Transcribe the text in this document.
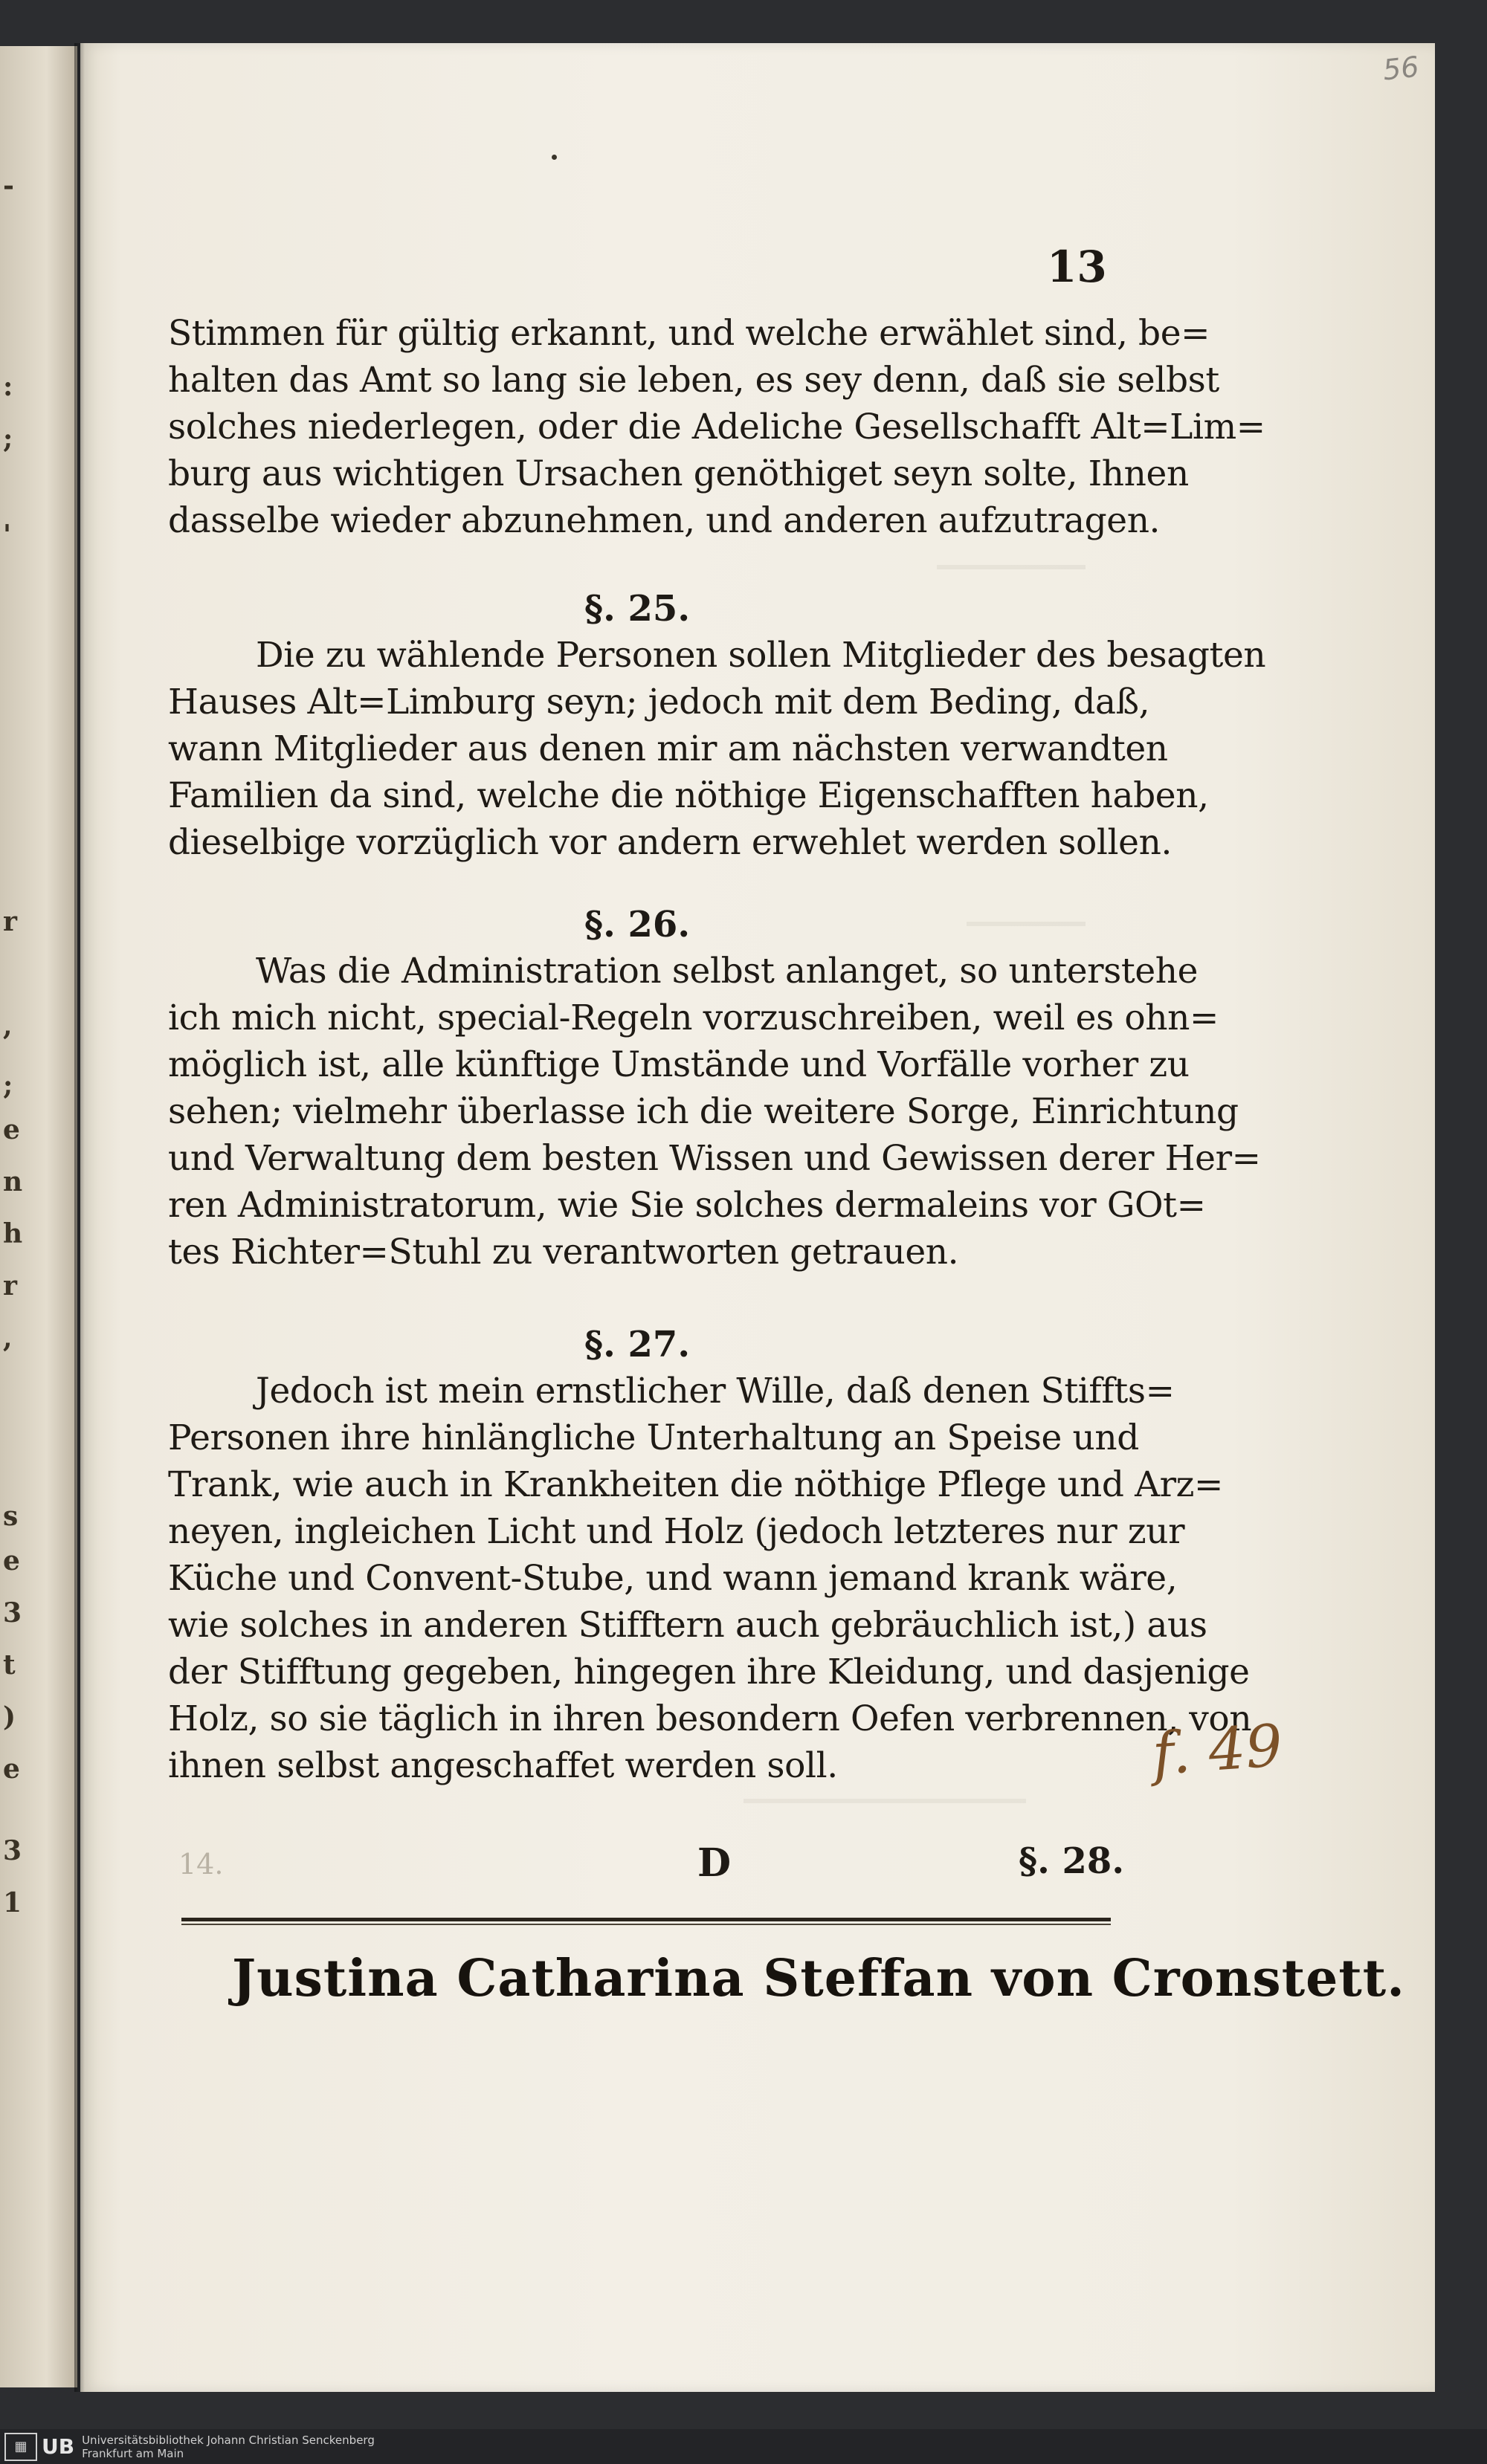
-
:
;
'
r
,
;
e
n
h
r
,
s
e
3
t
)
e
3
1
56
13
Stimmen für gültig erkannt, und welche erwählet sind, be=
halten das Amt so lang sie leben, es sey denn, daß sie selbst
solches niederlegen, oder die Adeliche Gesellschafft Alt=Lim=
burg aus wichtigen Ursachen genöthiget seyn solte, Ihnen
dasselbe wieder abzunehmen, und anderen aufzutragen.
§. 25.
Die zu wählende Personen sollen Mitglieder des besagten
Hauses Alt=Limburg seyn; jedoch mit dem Beding, daß,
wann Mitglieder aus denen mir am nächsten verwandten
Familien da sind, welche die nöthige Eigenschafften haben,
dieselbige vorzüglich vor andern erwehlet werden sollen.
§. 26.
Was die Administration selbst anlanget, so unterstehe
ich mich nicht, special-Regeln vorzuschreiben, weil es ohn=
möglich ist, alle künftige Umstände und Vorfälle vorher zu
sehen; vielmehr überlasse ich die weitere Sorge, Einrichtung
und Verwaltung dem besten Wissen und Gewissen derer Her=
ren Administratorum, wie Sie solches dermaleins vor GOt=
tes Richter=Stuhl zu verantworten getrauen.
§. 27.
Jedoch ist mein ernstlicher Wille, daß denen Stiffts=
Personen ihre hinlängliche Unterhaltung an Speise und
Trank, wie auch in Krankheiten die nöthige Pflege und Arz=
neyen, ingleichen Licht und Holz (jedoch letzteres nur zur
Küche und Convent-Stube, und wann jemand krank wäre,
wie solches in anderen Stifftern auch gebräuchlich ist,) aus
der Stifftung gegeben, hingegen ihre Kleidung, und dasjenige
Holz, so sie täglich in ihren besondern Oefen verbrennen, von
ihnen selbst angeschaffet werden soll.
14.	D	§. 28.
Justina Catharina Steffan von Cronstett.
f. 49
▦ UB Universitätsbibliothek Johann Christian Senckenberg
Frankfurt am Main
